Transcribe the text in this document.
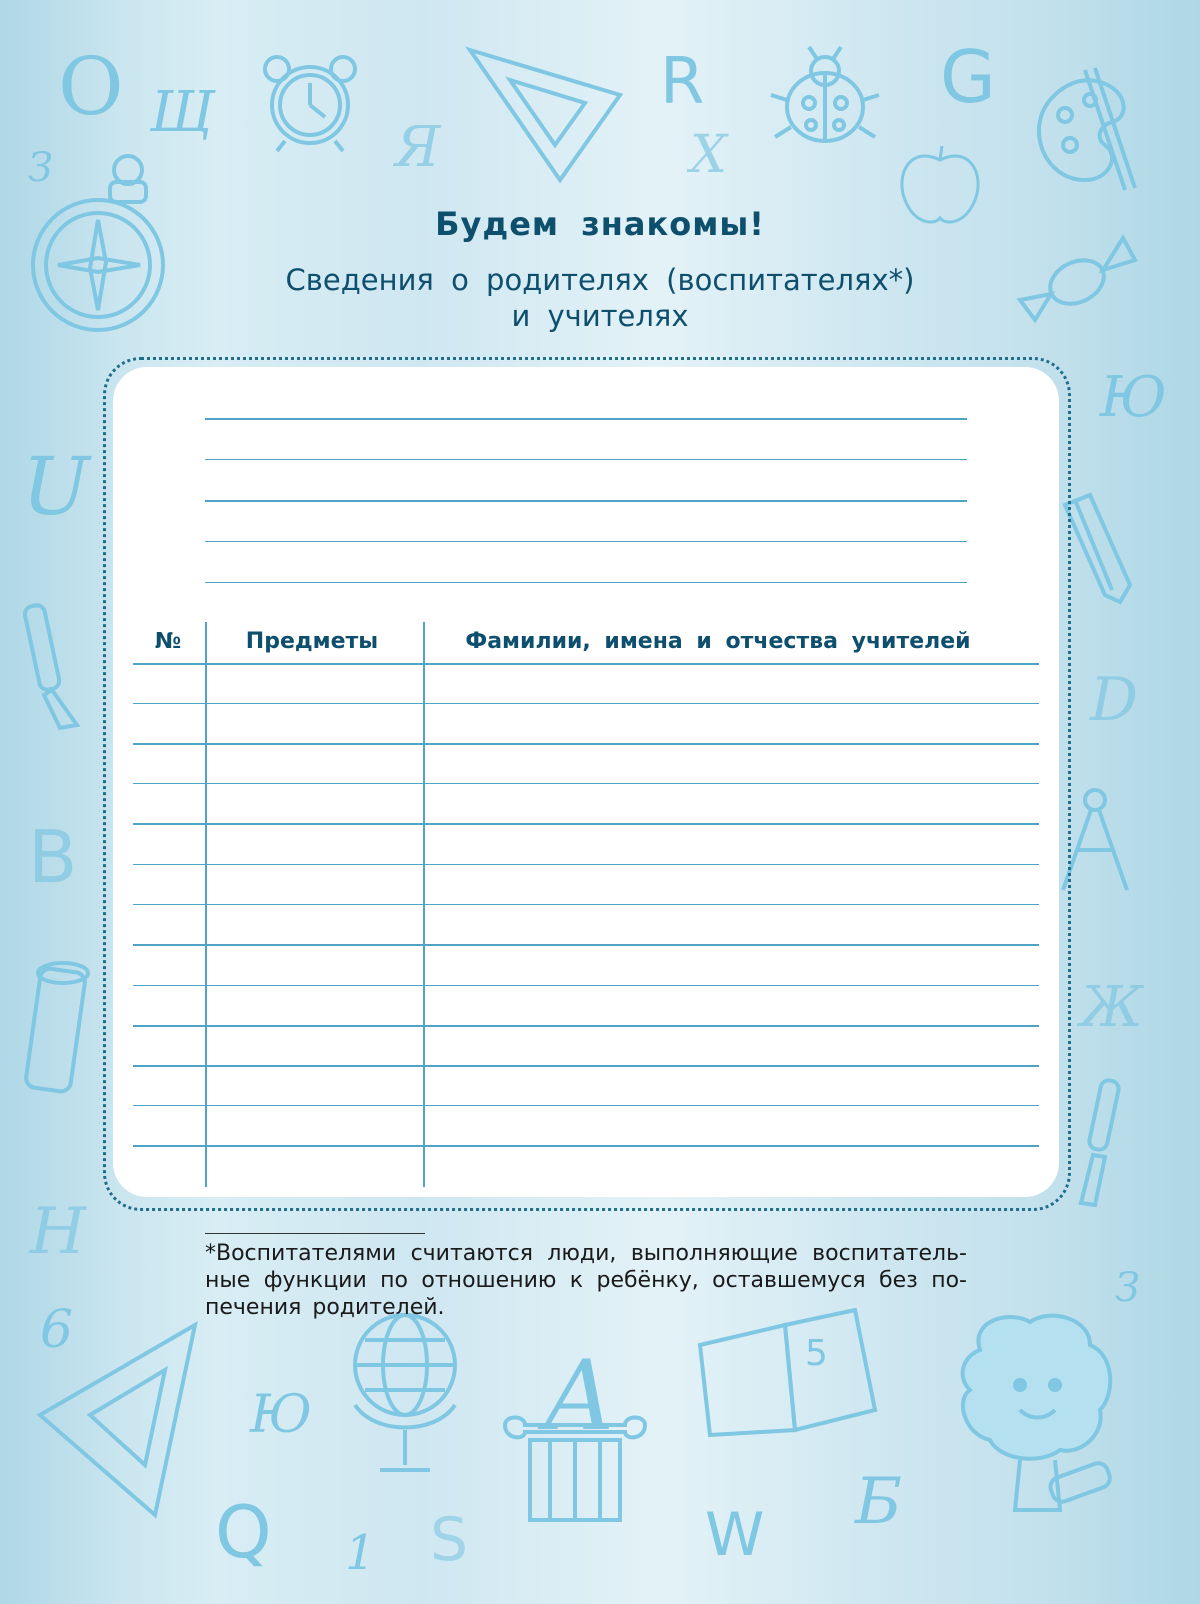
О Щ
З	Я
R
X
G
Ю
U
D
B
Ж
Н
6
З
Ю
Q 1 S
A
W Б
5
Будем знакомы!
Сведения о родителях (воспитателях*)
и учителях
№	Предметы	Фамилии, имена и отчества учителей
*Воспитателями считаются люди, выполняющие воспитатель-ные функции по отношению к ребёнку, оставшемуся без по-печения родителей.
